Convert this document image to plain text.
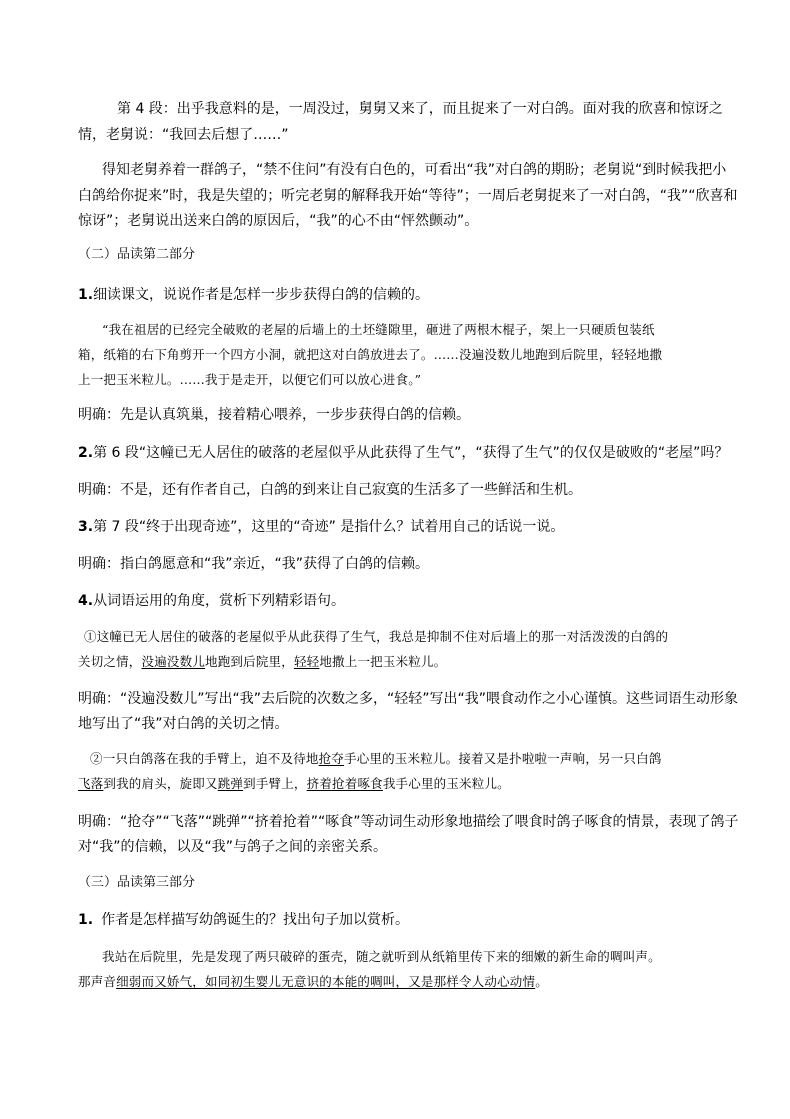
第 4 段：出乎我意料的是，一周没过，舅舅又来了，而且捉来了一对白鸽。面对我的欣喜和惊讶之
情，老舅说：“我回去后想了……”
得知老舅养着一群鸽子，“禁不住问”有没有白色的，可看出“我”对白鸽的期盼；老舅说“到时候我把小
白鸽给你捉来”时，我是失望的；听完老舅的解释我开始“等待”；一周后老舅捉来了一对白鸽，“我”“欣喜和
惊讶”；老舅说出送来白鸽的原因后，“我”的心不由“怦然颤动”。
（二）品读第二部分
1.细读课文，说说作者是怎样一步步获得白鸽的信赖的。
“我在祖居的已经完全破败的老屋的后墙上的土坯缝隙里，砸进了两根木棍子，架上一只硬质包装纸
箱，纸箱的右下角剪开一个四方小洞，就把这对白鸽放进去了。……没遍没数儿地跑到后院里，轻轻地撒
上一把玉米粒儿。……我于是走开，以便它们可以放心进食。”
明确：先是认真筑巢，接着精心喂养，一步步获得白鸽的信赖。
2.第 6 段“这幢已无人居住的破落的老屋似乎从此获得了生气”，“获得了生气”的仅仅是破败的“老屋”吗？
明确：不是，还有作者自己，白鸽的到来让自己寂寞的生活多了一些鲜活和生机。
3.第 7 段“终于出现奇迹”，这里的“奇迹” 是指什么？试着用自己的话说一说。
明确：指白鸽愿意和“我”亲近，“我”获得了白鸽的信赖。
4.从词语运用的角度，赏析下列精彩语句。
①这幢已无人居住的破落的老屋似乎从此获得了生气，我总是抑制不住对后墙上的那一对活泼泼的白鸽的
关切之情，没遍没数儿地跑到后院里，轻轻地撒上一把玉米粒儿。
明确：“没遍没数儿”写出“我”去后院的次数之多，“轻轻”写出“我”喂食动作之小心谨慎。这些词语生动形象
地写出了“我”对白鸽的关切之情。
②一只白鸽落在我的手臂上，迫不及待地抢夺手心里的玉米粒儿。接着又是扑啦啦一声响，另一只白鸽
飞落到我的肩头，旋即又跳弹到手臂上，挤着抢着啄食我手心里的玉米粒儿。
明确：“抢夺”“飞落”“跳弹”“挤着抢着”“啄食”等动词生动形象地描绘了喂食时鸽子啄食的情景，表现了鸽子
对“我”的信赖，以及“我”与鸽子之间的亲密关系。
（三）品读第三部分
1. 作者是怎样描写幼鸽诞生的？找出句子加以赏析。
我站在后院里，先是发现了两只破碎的蛋壳，随之就听到从纸箱里传下来的细嫩的新生命的啁叫声。
那声音细弱而又娇气，如同初生婴儿无意识的本能的啁叫，又是那样令人动心动情。
